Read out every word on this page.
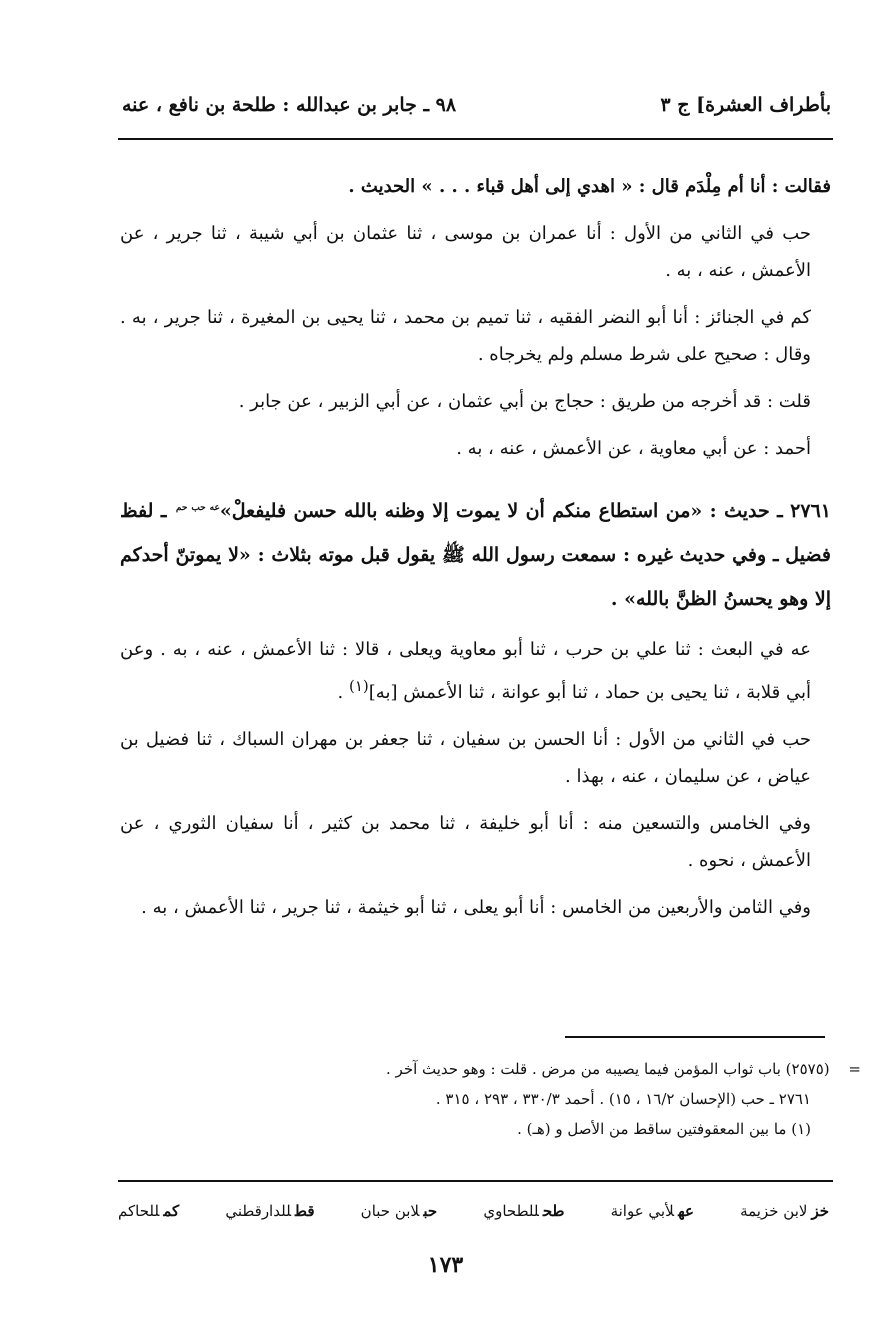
بأطراف العشرة] ج ٣
٩٨ ـ جابر بن عبدالله : طلحة بن نافع ، عنه

فقالت : أنا أم مِلْدَم قال : « اهدي إلى أهل قباء . . . » الحديث .

حب في الثاني من الأول : أنا عمران بن موسى ، ثنا عثمان بن أبي شيبة ، ثنا جرير ، عن الأعمش ، عنه ، به .

كم في الجنائز : أنا أبو النضر الفقيه ، ثنا تميم بن محمد ، ثنا يحيى بن المغيرة ، ثنا جرير ، به . وقال : صحيح على شرط مسلم ولم يخرجاه .

قلت : قد أخرجه من طريق : حجاج بن أبي عثمان ، عن أبي الزبير ، عن جابر .

أحمد : عن أبي معاوية ، عن الأعمش ، عنه ، به .

٢٧٦١ ـ حديث : «من استطاع منكم أن لا يموت إلا وظنه بالله حسن فليفعلْ»$^{عه حب حم}$ ـ لفظ فضيل ـ وفي حديث غيره : سمعت رسول الله ﷺ يقول قبل موته بثلاث : «لا يموتنّ أحدكم إلا وهو يحسنُ الظنَّ بالله» .

عه في البعث : ثنا علي بن حرب ، ثنا أبو معاوية ويعلى ، قالا : ثنا الأعمش ، عنه ، به . وعن أبي قلابة ، ثنا يحيى بن حماد ، ثنا أبو عوانة ، ثنا الأعمش [به]$^{(١)}$ .

حب في الثاني من الأول : أنا الحسن بن سفيان ، ثنا جعفر بن مهران السباك ، ثنا فضيل بن عياض ، عن سليمان ، عنه ، بهذا .

وفي الخامس والتسعين منه : أنا أبو خليفة ، ثنا محمد بن كثير ، أنا سفيان الثوري ، عن الأعمش ، نحوه .

وفي الثامن والأربعين من الخامس : أنا أبو يعلى ، ثنا أبو خيثمة ، ثنا جرير ، ثنا الأعمش ، به .

= (٢٥٧٥) باب ثواب المؤمن فيما يصيبه من مرض . قلت : وهو حديث آخر .

٢٧٦١ ـ حب (الإحسان ١٦/٢ ، ١٥) . أحمد ٣٣٠/٣ ، ٢٩٣ ، ٣١٥ .

(١) ما بين المعقوفتين ساقط من الأصل و (هـ) .

خزلابن خزيمة
عهلأبي عوانة
طحللطحاوي
حبلابن حبان
قطللدارقطني
كمللحاكم
١٧٣
